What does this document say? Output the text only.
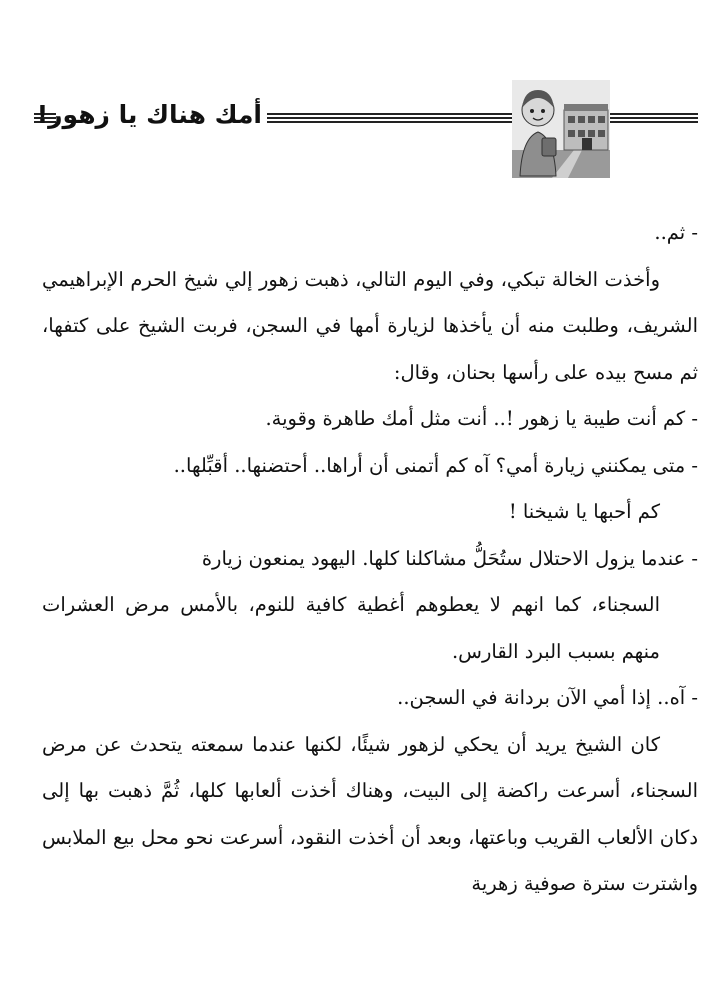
أمك هناك يا زهور!

- ثم..

وأخذت الخالة تبكي، وفي اليوم التالي، ذهبت زهور إلي شيخ الحرم الإبراهيمي الشريف، وطلبت منه أن يأخذها لزيارة أمها في السجن، فربت الشيخ على كتفها، ثم مسح بيده على رأسها بحنان، وقال:

- كم أنت طيبة يا زهور !.. أنت مثل أمك طاهرة وقوية.

- متى يمكنني زيارة أمي؟ آه كم أتمنى أن أراها.. أحتضنها.. أقبِّلها..

كم أحبها يا شيخنا !

- عندما يزول الاحتلال ستُحَلُّ مشاكلنا كلها. اليهود يمنعون زيارة

السجناء، كما انهم لا يعطوهم أغطية كافية للنوم، بالأمس مرض العشرات منهم بسبب البرد القارس.

- آه.. إذا أمي الآن بردانة في السجن..

كان الشيخ يريد أن يحكي لزهور شيئًا، لكنها عندما سمعته يتحدث عن مرض السجناء، أسرعت راكضة إلى البيت، وهناك أخذت ألعابها كلها، ثُمَّ ذهبت بها إلى دكان الألعاب القريب وباعتها، وبعد أن أخذت النقود، أسرعت نحو محل بيع الملابس واشترت سترة صوفية زهرية
